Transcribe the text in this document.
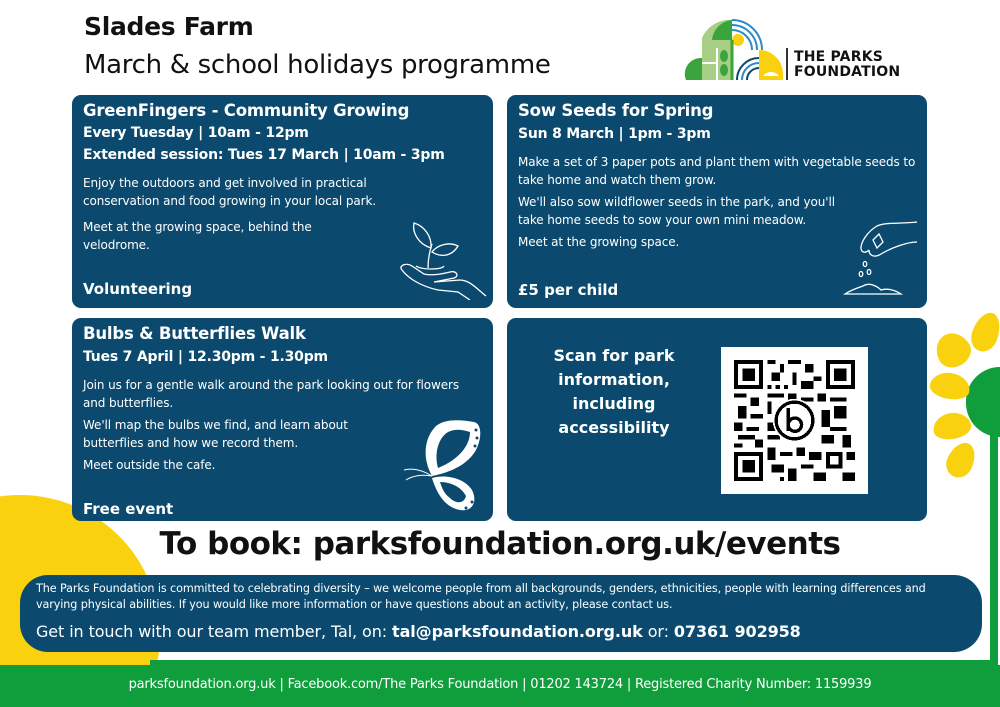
Slades Farm
March & school holidays programme	THE PARKS
FOUNDATION
GreenFingers - Community Growing
Every Tuesday | 10am - 12pm
Extended session: Tues 17 March | 10am - 3pm

Enjoy the outdoors and get involved in practical conservation and food growing in your local park.

Meet at the growing space, behind the velodrome.

Volunteering
Sow Seeds for Spring
Sun 8 March | 1pm - 3pm

Make a set of 3 paper pots and plant them with vegetable seeds to take home and watch them grow.

We'll also sow wildflower seeds in the park, and you'll take home seeds to sow your own mini meadow.

Meet at the growing space.

£5 per child
Bulbs & Butterflies Walk
Tues 7 April | 12.30pm - 1.30pm

Join us for a gentle walk around the park looking out for flowers and butterflies.

We'll map the bulbs we find, and learn about butterflies and how we record them.

Meet outside the cafe.

Free event
Scan for park information, including accessibility
To book: parksfoundation.org.uk/events
The Parks Foundation is committed to celebrating diversity – we welcome people from all backgrounds, genders, ethnicities, people with learning differences and varying physical abilities. If you would like more information or have questions about an activity, please contact us.
Get in touch with our team member, Tal, on: tal@parksfoundation.org.uk or: 07361 902958
parksfoundation.org.uk | Facebook.com/The Parks Foundation | 01202 143724 | Registered Charity Number: 1159939
